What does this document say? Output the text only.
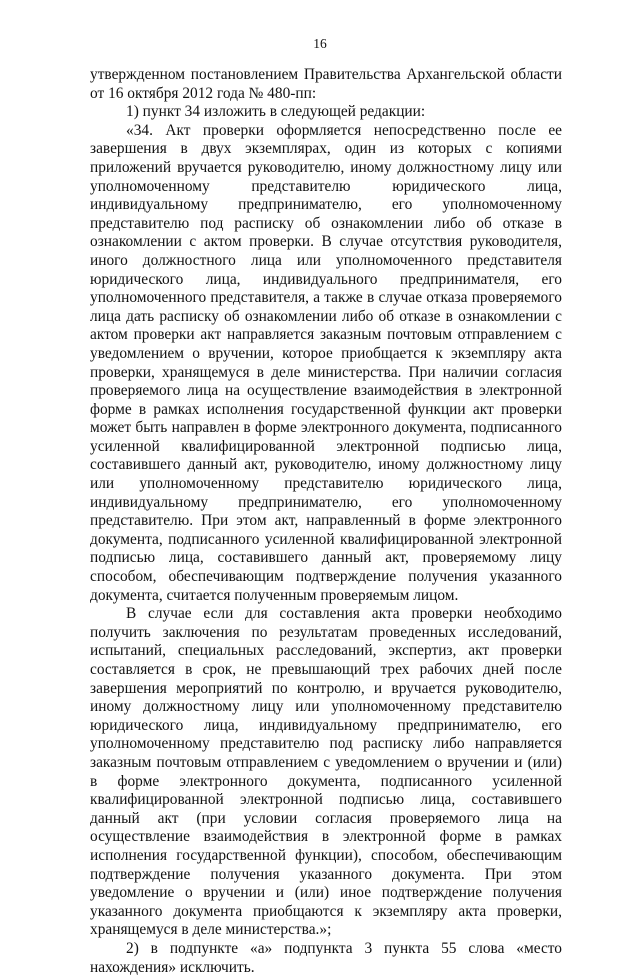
16

утвержденном постановлением Правительства Архангельской области от 16 октября 2012 года № 480-пп:

1) пункт 34 изложить в следующей редакции:

«34. Акт проверки оформляется непосредственно после ее завершения в двух экземплярах, один из которых с копиями приложений вручается руководителю, иному должностному лицу или уполномоченному представителю юридического лица, индивидуальному предпринимателю, его уполномоченному представителю под расписку об ознакомлении либо об отказе в ознакомлении с актом проверки. В случае отсутствия руководителя, иного должностного лица или уполномоченного представителя юридического лица, индивидуального предпринимателя, его уполномоченного представителя, а также в случае отказа проверяемого лица дать расписку об ознакомлении либо об отказе в ознакомлении с актом проверки акт направляется заказным почтовым отправлением с уведомлением о вручении, которое приобщается к экземпляру акта проверки, хранящемуся в деле министерства. При наличии согласия проверяемого лица на осуществление взаимодействия в электронной форме в рамках исполнения государственной функции акт проверки может быть направлен в форме электронного документа, подписанного усиленной квалифицированной электронной подписью лица, составившего данный акт, руководителю, иному должностному лицу или уполномоченному представителю юридического лица, индивидуальному предпринимателю, его уполномоченному представителю. При этом акт, направленный в форме электронного документа, подписанного усиленной квалифицированной электронной подписью лица, составившего данный акт, проверяемому лицу способом, обеспечивающим подтверждение получения указанного документа, считается полученным проверяемым лицом.

В случае если для составления акта проверки необходимо получить заключения по результатам проведенных исследований, испытаний, специальных расследований, экспертиз, акт проверки составляется в срок, не превышающий трех рабочих дней после завершения мероприятий по контролю, и вручается руководителю, иному должностному лицу или уполномоченному представителю юридического лица, индивидуальному предпринимателю, его уполномоченному представителю под расписку либо направляется заказным почтовым отправлением с уведомлением о вручении и (или) в форме электронного документа, подписанного усиленной квалифицированной электронной подписью лица, составившего данный акт (при условии согласия проверяемого лица на осуществление взаимодействия в электронной форме в рамках исполнения государственной функции), способом, обеспечивающим подтверждение получения указанного документа. При этом уведомление о вручении и (или) иное подтверждение получения указанного документа приобщаются к экземпляру акта проверки, хранящемуся в деле министерства.»;

2) в подпункте «а» подпункта 3 пункта 55 слова «место нахождения» исключить.
